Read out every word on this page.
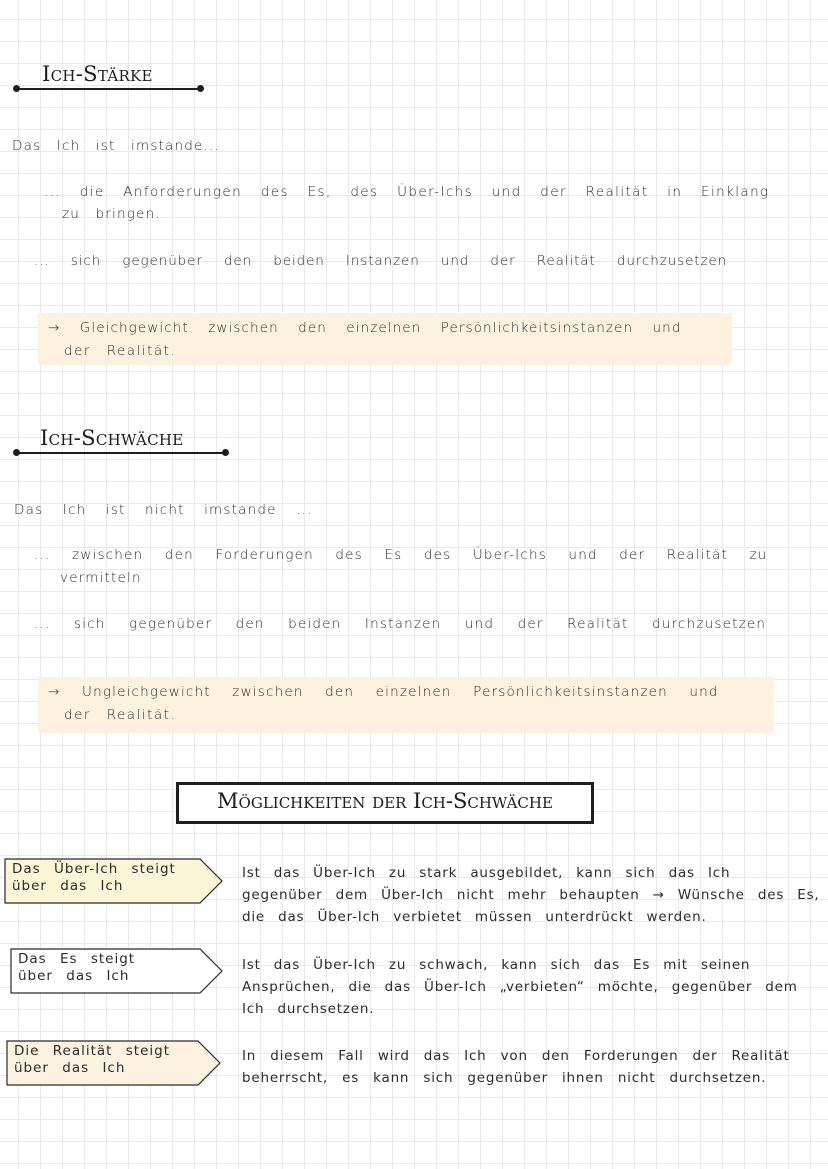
Ich-Stärke
Das Ich ist imstande...
... die Anforderungen des Es, des Über-Ichs und der Realität in Einklang
zu bringen.
... sich gegenüber den beiden Instanzen und der Realität durchzusetzen
→ Gleichgewicht zwischen den einzelnen Persönlichkeitsinstanzen und
der Realität.
Ich-Schwäche
Das Ich ist nicht imstande ...
... zwischen den Forderungen des Es des Über-Ichs und der Realität zu
vermitteln
... sich gegenüber den beiden Instanzen und der Realität durchzusetzen
→ Ungleichgewicht zwischen den einzelnen Persönlichkeitsinstanzen und
der Realität.
Möglichkeiten der Ich-Schwäche
Das Über-Ich steigt
über das Ich
Ist das Über-Ich zu stark ausgebildet, kann sich das Ich
gegenüber dem Über-Ich nicht mehr behaupten → Wünsche des Es,
die das Über-Ich verbietet müssen unterdrückt werden.
Das Es steigt
über das Ich
Ist das Über-Ich zu schwach, kann sich das Es mit seinen
Ansprüchen, die das Über-Ich „verbieten“ möchte, gegenüber dem
Ich durchsetzen.
Die Realität steigt
über das Ich
In diesem Fall wird das Ich von den Forderungen der Realität
beherrscht, es kann sich gegenüber ihnen nicht durchsetzen.
